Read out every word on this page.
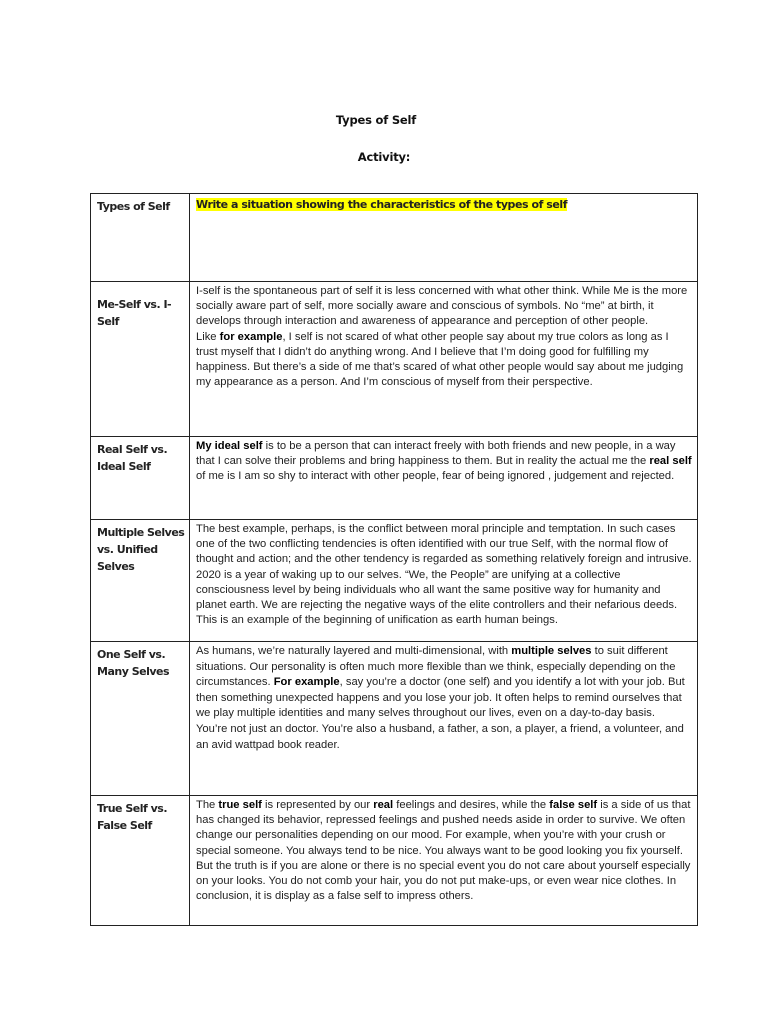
Types of Self
Activity:
Types of Self	Write a situation showing the characteristics of the types of self
Me-Self vs. I-Self	I-self is the spontaneous part of self it is less concerned with what other think. While Me is the more socially aware part of self, more socially aware and conscious of symbols. No “me” at birth, it develops through interaction and awareness of appearance and perception of other people.

Like for example, I self is not scared of what other people say about my true colors as long as I trust myself that I didn’t do anything wrong. And I believe that I’m doing good for fulfilling my happiness. But there’s a side of me that’s scared of what other people would say about me judging my appearance as a person. And I’m conscious of myself from their perspective.

Real Self vs. Ideal Self	My ideal self is to be a person that can interact freely with both friends and new people, in a way that I can solve their problems and bring happiness to them. But in reality the actual me the real self of me is I am so shy to interact with other people, fear of being ignored , judgement and rejected.

Multiple Selves vs. Unified Selves	The best example, perhaps, is the conflict between moral principle and temptation. In such cases one of the two conflicting tendencies is often identified with our true Self, with the normal flow of thought and action; and the other tendency is regarded as something relatively foreign and intrusive.

2020 is a year of waking up to our selves. “We, the People” are unifying at a collective consciousness level by being individuals who all want the same positive way for humanity and planet earth. We are rejecting the negative ways of the elite controllers and their nefarious deeds. This is an example of the beginning of unification as earth human beings.

One Self vs. Many Selves	As humans, we’re naturally layered and multi-dimensional, with multiple selves to suit different situations. Our personality is often much more flexible than we think, especially depending on the circumstances. For example, say you’re a doctor (one self) and you identify a lot with your job. But then something unexpected happens and you lose your job. It often helps to remind ourselves that we play multiple identities and many selves throughout our lives, even on a day-to-day basis.

You’re not just an doctor. You’re also a husband, a father, a son, a player, a friend, a volunteer, and an avid wattpad book reader.

True Self vs. False Self	The true self is represented by our real feelings and desires, while the false self is a side of us that has changed its behavior, repressed feelings and pushed needs aside in order to survive. We often change our personalities depending on our mood. For example, when you’re with your crush or special someone. You always tend to be nice. You always want to be good looking you fix yourself. But the truth is if you are alone or there is no special event you do not care about yourself especially on your looks. You do not comb your hair, you do not put make-ups, or even wear nice clothes. In conclusion, it is display as a false self to impress others.
